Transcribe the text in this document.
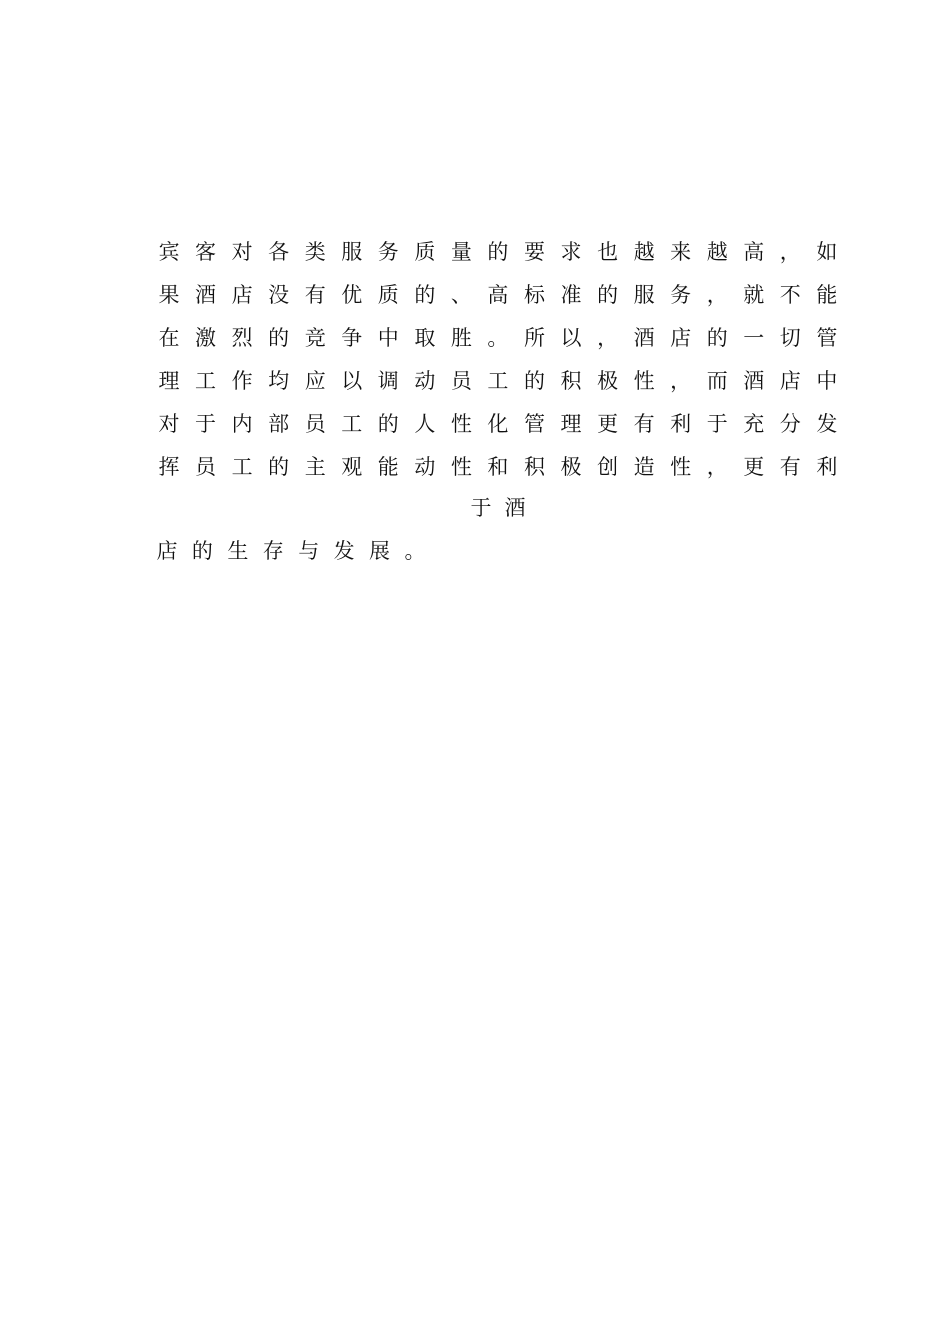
宾 客 对 各 类 服 务 质 量 的 要 求 也 越 来 越 高 ， 如
果 酒 店 没 有 优 质 的 、 高 标 准 的 服 务 ， 就 不 能
在 激 烈 的 竞 争 中 取 胜 。 所 以 ， 酒 店 的 一 切 管
理 工 作 均 应 以 调 动 员 工 的 积 极 性 ， 而 酒 店 中
对 于 内 部 员 工 的 人 性 化 管 理 更 有 利 于 充 分 发
挥 员 工 的 主 观 能 动 性 和 积 极 创 造 性 ， 更 有 利
于 酒
店 的 生 存 与 发 展 。
